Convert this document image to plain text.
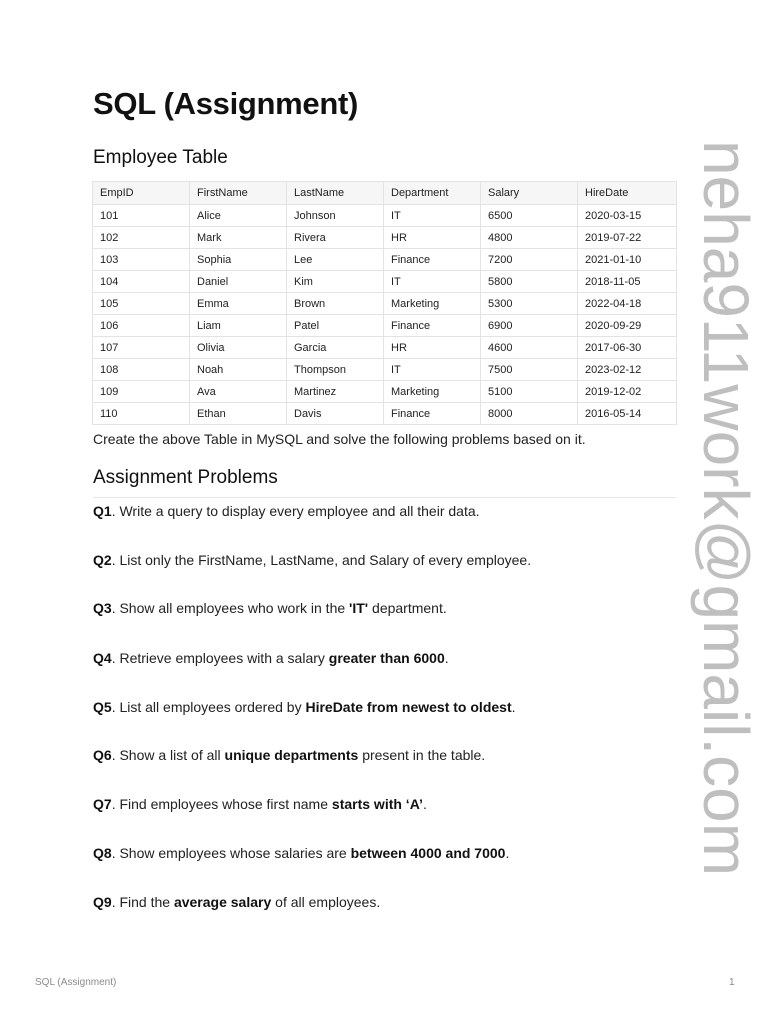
SQL (Assignment)
Employee Table
EmpID	FirstName	LastName	Department	Salary	HireDate
101	Alice	Johnson	IT	6500	2020-03-15
102	Mark	Rivera	HR	4800	2019-07-22
103	Sophia	Lee	Finance	7200	2021-01-10
104	Daniel	Kim	IT	5800	2018-11-05
105	Emma	Brown	Marketing	5300	2022-04-18
106	Liam	Patel	Finance	6900	2020-09-29
107	Olivia	Garcia	HR	4600	2017-06-30
108	Noah	Thompson	IT	7500	2023-02-12
109	Ava	Martinez	Marketing	5100	2019-12-02
110	Ethan	Davis	Finance	8000	2016-05-14

Create the above Table in MySQL and solve the following problems based on it.

Assignment Problems

Q1. Write a query to display every employee and all their data.

Q2. List only the FirstName, LastName, and Salary of every employee.

Q3. Show all employees who work in the 'IT' department.

Q4. Retrieve employees with a salary greater than 6000.

Q5. List all employees ordered by HireDate from newest to oldest.

Q6. Show a list of all unique departments present in the table.

Q7. Find employees whose first name starts with ‘A’.

Q8. Show employees whose salaries are between 4000 and 7000.

Q9. Find the average salary of all employees.

neha911work@gmail.com
SQL (Assignment)	1
